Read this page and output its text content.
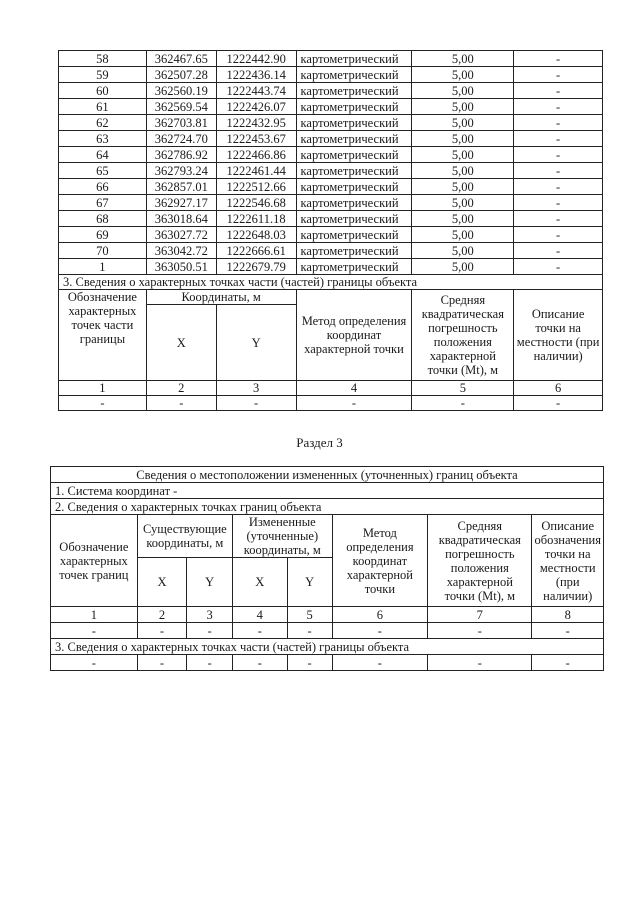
58	362467.65	1222442.90	картометрический	5,00	-
59	362507.28	1222436.14	картометрический	5,00	-
60	362560.19	1222443.74	картометрический	5,00	-
61	362569.54	1222426.07	картометрический	5,00	-
62	362703.81	1222432.95	картометрический	5,00	-
63	362724.70	1222453.67	картометрический	5,00	-
64	362786.92	1222466.86	картометрический	5,00	-
65	362793.24	1222461.44	картометрический	5,00	-
66	362857.01	1222512.66	картометрический	5,00	-
67	362927.17	1222546.68	картометрический	5,00	-
68	363018.64	1222611.18	картометрический	5,00	-
69	363027.72	1222648.03	картометрический	5,00	-
70	363042.72	1222666.61	картометрический	5,00	-
1	363050.51	1222679.79	картометрический	5,00	-
3. Сведения о характерных точках части (частей) границы объекта					
Обозначение характерных точек части границы	Координаты, м		Метод определения координат характерной точки	Средняя квадратическая погрешность положения характерной точки (Mt), м	Описание точки на местности (при наличии)
	X	Y			
1	2	3	4	5	6
-	-	-	-	-	-
Раздел 3
Сведения о местоположении измененных (уточненных) границ объекта							
1. Система координат -							
2. Сведения о характерных точках границ объекта							
Обозначение характерных точек границ	Существующие координаты, м		Измененные (уточненные) координаты, м		Метод определения координат характерной точки	Средняя квадратическая погрешность положения характерной точки (Mt), м	Описание обозначения точки на местности (при наличии)
	X	Y	X	Y			
1	2	3	4	5	6	7	8
-	-	-	-	-	-	-	-
3. Сведения о характерных точках части (частей) границы объекта							
-	-	-	-	-	-	-	-
